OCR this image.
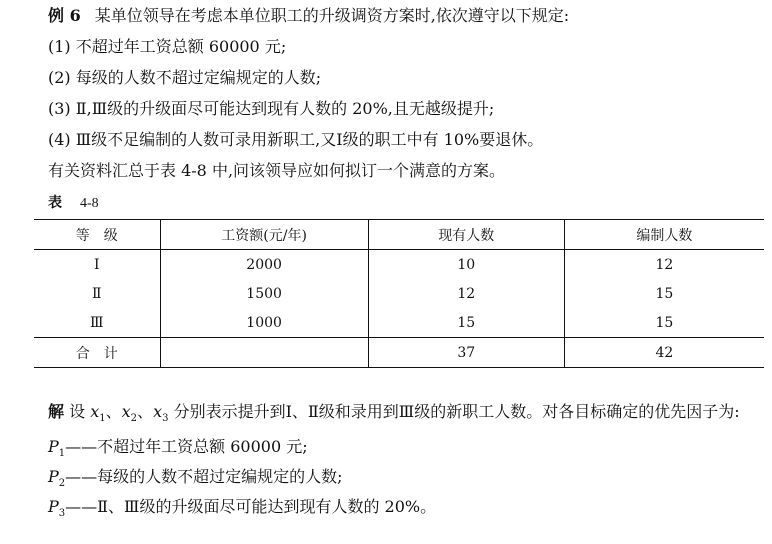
例 6 某单位领导在考虑本单位职工的升级调资方案时,依次遵守以下规定:
(1) 不超过年工资总额 60000 元;
(2) 每级的人数不超过定编规定的人数;
(3) Ⅱ,Ⅲ级的升级面尽可能达到现有人数的 20%,且无越级提升;
(4) Ⅲ级不足编制的人数可录用新职工,又Ⅰ级的职工中有 10%要退休。
有关资料汇总于表 4-8 中,问该领导应如何拟订一个满意的方案。
表 4-8
等　级	工资额(元/年)	现有人数	编制人数
Ⅰ	2000	10	12
Ⅱ	1500	12	15
Ⅲ	1000	15	15
合　计		37	42
解 设 $x_1$、$x_2$、$x_3$ 分别表示提升到Ⅰ、Ⅱ级和录用到Ⅲ级的新职工人数。对各目标确定的优先因子为:
$P_1——$不超过年工资总额 60000 元;
$P_2——$每级的人数不超过定编规定的人数;
$P_3——Ⅱ$、Ⅲ级的升级面尽可能达到现有人数的 20%。
